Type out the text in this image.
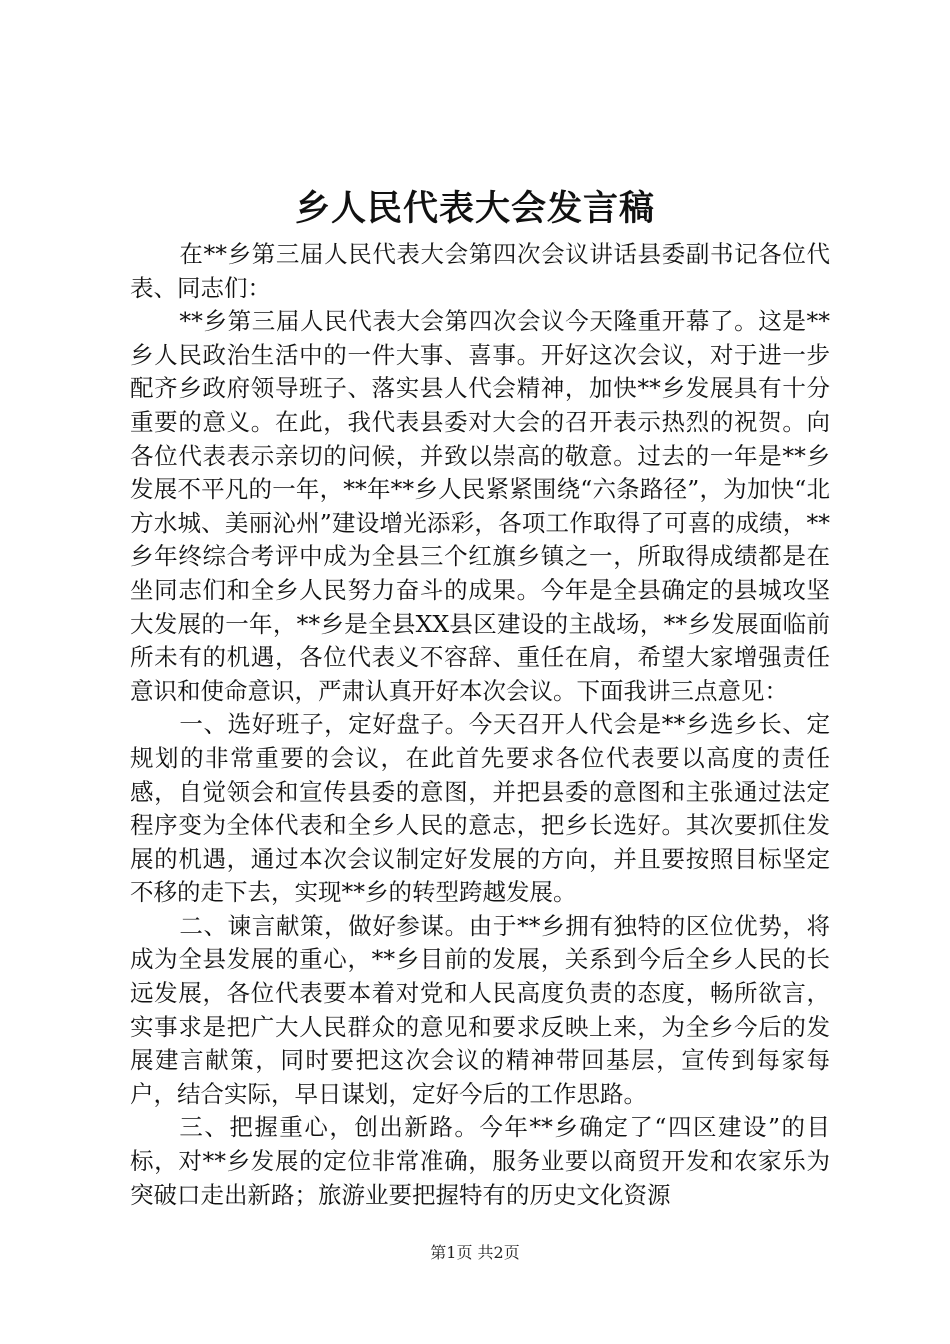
乡人民代表大会发言稿

在**乡第三届人民代表大会第四次会议讲话县委副书记各位代表、同志们：

**乡第三届人民代表大会第四次会议今天隆重开幕了。这是**乡人民政治生活中的一件大事、喜事。开好这次会议，对于进一步配齐乡政府领导班子、落实县人代会精神，加快**乡发展具有十分重要的意义。在此，我代表县委对大会的召开表示热烈的祝贺。向各位代表表示亲切的问候，并致以崇高的敬意。过去的一年是**乡发展不平凡的一年，**年**乡人民紧紧围绕“六条路径”，为加快“北方水城、美丽沁州”建设增光添彩，各项工作取得了可喜的成绩，**乡年终综合考评中成为全县三个红旗乡镇之一，所取得成绩都是在坐同志们和全乡人民努力奋斗的成果。今年是全县确定的县城攻坚大发展的一年，**乡是全县XX县区建设的主战场，**乡发展面临前所未有的机遇，各位代表义不容辞、重任在肩，希望大家增强责任意识和使命意识，严肃认真开好本次会议。下面我讲三点意见：

一、选好班子，定好盘子。今天召开人代会是**乡选乡长、定规划的非常重要的会议，在此首先要求各位代表要以高度的责任感，自觉领会和宣传县委的意图，并把县委的意图和主张通过法定程序变为全体代表和全乡人民的意志，把乡长选好。其次要抓住发展的机遇，通过本次会议制定好发展的方向，并且要按照目标坚定不移的走下去，实现**乡的转型跨越发展。

二、谏言献策，做好参谋。由于**乡拥有独特的区位优势，将成为全县发展的重心，**乡目前的发展，关系到今后全乡人民的长远发展，各位代表要本着对党和人民高度负责的态度，畅所欲言，实事求是把广大人民群众的意见和要求反映上来，为全乡今后的发展建言献策，同时要把这次会议的精神带回基层，宣传到每家每户，结合实际，早日谋划，定好今后的工作思路。

三、把握重心，创出新路。今年**乡确定了“四区建设”的目标，对**乡发展的定位非常准确，服务业要以商贸开发和农家乐为突破口走出新路；旅游业要把握特有的历史文化资源

第1页 共2页
